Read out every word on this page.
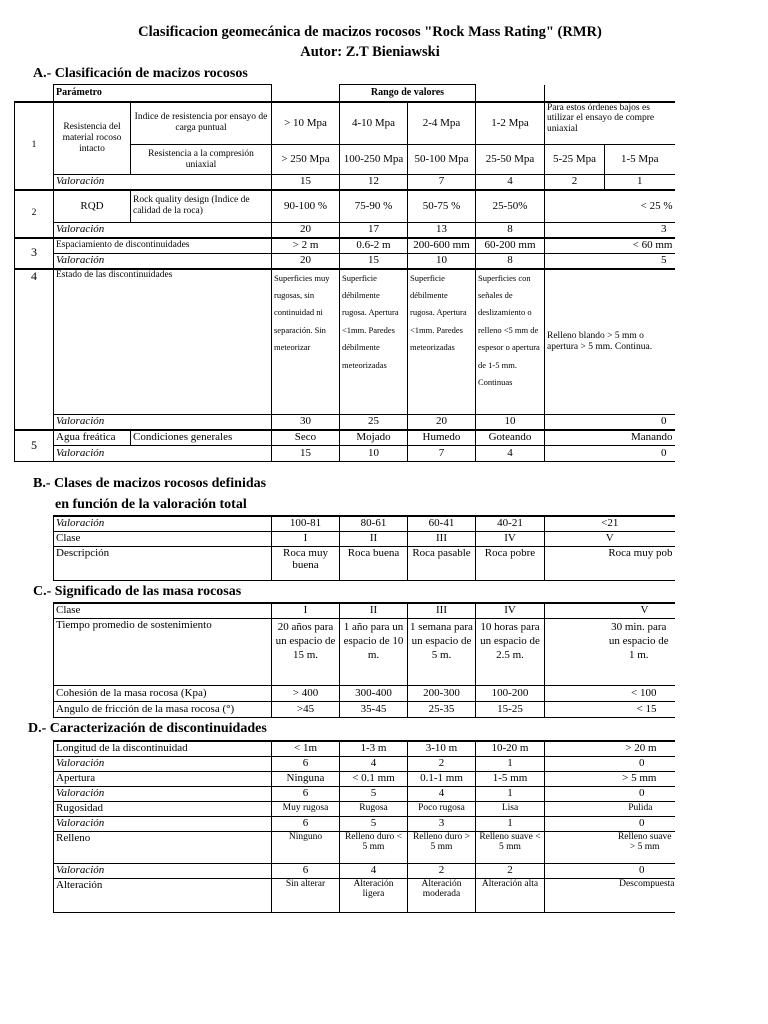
Clasificacion geomecánica de macizos rocosos "Rock Mass Rating" (RMR)
Autor: Z.T Bieniawski
A.- Clasificación de macizos rocosos
	Parámetro			Rango de valores				
1	Resistencia del material rocoso intacto	Indice de resistencia por ensayo de carga puntual	> 10 Mpa	4-10 Mpa	2-4 Mpa	1-2 Mpa	Para estos órdenes bajos es utilizar el ensayo de compre uniaxial	
		Resistencia a la compresión uniaxial	> 250 Mpa	100-250 Mpa	50-100 Mpa	25-50 Mpa	5-25 Mpa	1-5 Mpa
	Valoración		15	12	7	4	2	1
2	RQD	Rock quality design (Indice de calidad de la roca)	90-100 %	75-90 %	50-75 %	25-50%	< 25 %	
	Valoración		20	17	13	8	3	
3	Espaciamiento de discontinuidades		> 2 m	0.6-2 m	200-600 mm	60-200 mm	< 60 mm	
	Valoración		20	15	10	8	5	
4	Estado de las discontinuidades		Superficies muy rugosas, sin continuidad ni separación. Sin meteorizar	Superficie débilmente rugosa. Apertura <1mm. Paredes débilmente meteorizadas	Superficie débilmente rugosa. Apertura <1mm. Paredes meteorizadas	Superficies con señales de deslizamiento o relleno <5 mm de espesor o apertura de 1-5 mm. Continuas	Relleno blando > 5 mm o apertura > 5 mm. Continua.	
	Valoración		30	25	20	10	0	
5	Agua freática	Condiciones generales	Seco	Mojado	Humedo	Goteando	Manando	
	Valoración		15	10	7	4	0	
B.- Clases de macizos rocosos definidas
en función de la valoración total
Valoración	100-81	80-61	60-41	40-21	<21
Clase	I	II	III	IV	V
Descripción	Roca muy buena	Roca buena	Roca pasable	Roca pobre	Roca muy pob
C.- Significado de las masa rocosas
Clase	I	II	III	IV	V
Tiempo promedio de sostenimiento	20 años para un espacio de 15 m.	1 año para un espacio de 10 m.	1 semana para un espacio de 5 m.	10 horas para un espacio de 2.5 m.	30 min. para un espacio de 1 m.
Cohesión de la masa rocosa (Kpa)	> 400	300-400	200-300	100-200	< 100
Angulo de fricción de la masa rocosa (°)	>45	35-45	25-35	15-25	< 15
D.- Caracterización de discontinuidades
Longitud de la discontinuidad	< 1m	1-3 m	3-10 m	10-20 m	> 20 m
Valoración	6	4	2	1	0
Apertura	Ninguna	< 0.1 mm	0.1-1 mm	1-5 mm	> 5 mm
Valoración	6	5	4	1	0
Rugosidad	Muy rugosa	Rugosa	Poco rugosa	Lisa	Pulida
Valoración	6	5	3	1	0
Relleno	Ninguno	Relleno duro < 5 mm	Relleno duro > 5 mm	Relleno suave < 5 mm	Relleno suave > 5 mm
Valoración	6	4	2	2	0
Alteración	Sin alterar	Alteración ligera	Alteración moderada	Alteración alta	Descompuesta
